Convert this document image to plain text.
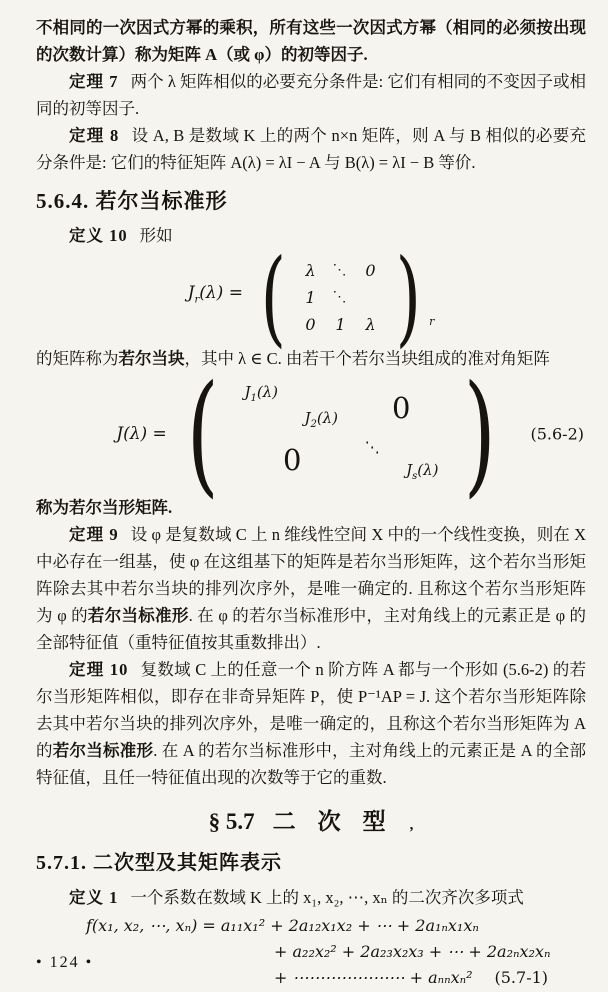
不相同的一次因式方幂的乘积，所有这些一次因式方幂（相同的必须按出现的次数计算）称为矩阵 A（或 φ）的初等因子.

定理 7 两个 λ 矩阵相似的必要充分条件是: 它们有相同的不变因子或相同的初等因子.

定理 8 设 A, B 是数域 K 上的两个 n×n 矩阵，则 A 与 B 相似的必要充分条件是: 它们的特征矩阵 A(λ) = λI − A 与 B(λ) = λI − B 等价.

5.6.4. 若尔当标准形

定义 10 形如

$J_r(\lambda)$ = ( λ ⋱ 0
1 ⋱
0 1 λ ) r

的矩阵称为若尔当块，其中 λ ∈ C. 由若干个若尔当块组成的准对角矩阵

J(λ) = ( $J_1(\lambda)$
$J_2(\lambda)$
⋱
$J_s(\lambda)$
0
0 ) (5.6-2)

称为若尔当形矩阵.

定理 9 设 φ 是复数域 C 上 n 维线性空间 X 中的一个线性变换，则在 X 中必存在一组基，使 φ 在这组基下的矩阵是若尔当形矩阵，这个若尔当形矩阵除去其中若尔当块的排列次序外，是唯一确定的. 且称这个若尔当形矩阵为 φ 的若尔当标准形. 在 φ 的若尔当标准形中，主对角线上的元素正是 φ 的全部特征值（重特征值按其重数排出）.

定理 10 复数域 C 上的任意一个 n 阶方阵 A 都与一个形如 (5.6-2) 的若尔当形矩阵相似，即存在非奇异矩阵 P，使 P⁻¹AP = J. 这个若尔当形矩阵除去其中若尔当块的排列次序外，是唯一确定的，且称这个若尔当形矩阵为 A 的若尔当标准形. 在 A 的若尔当标准形中，主对角线上的元素正是 A 的全部特征值，且任一特征值出现的次数等于它的重数.

§ 5.7 二次型 ,
5.7.1. 二次型及其矩阵表示

定义 1 一个系数在数域 K 上的 x₁, x₂, ⋯, xₙ 的二次齐次多项式

f(x₁, x₂, ⋯, xₙ) = a₁₁x₁² + 2a₁₂x₁x₂ + ⋯ + 2a₁ₙx₁xₙ
+ a₂₂x₂² + 2a₂₃x₂x₃ + ⋯ + 2a₂ₙx₂xₙ
+ ⋯⋯⋯⋯⋯⋯⋯ + aₙₙxₙ² (5.7-1)
• 124 •
